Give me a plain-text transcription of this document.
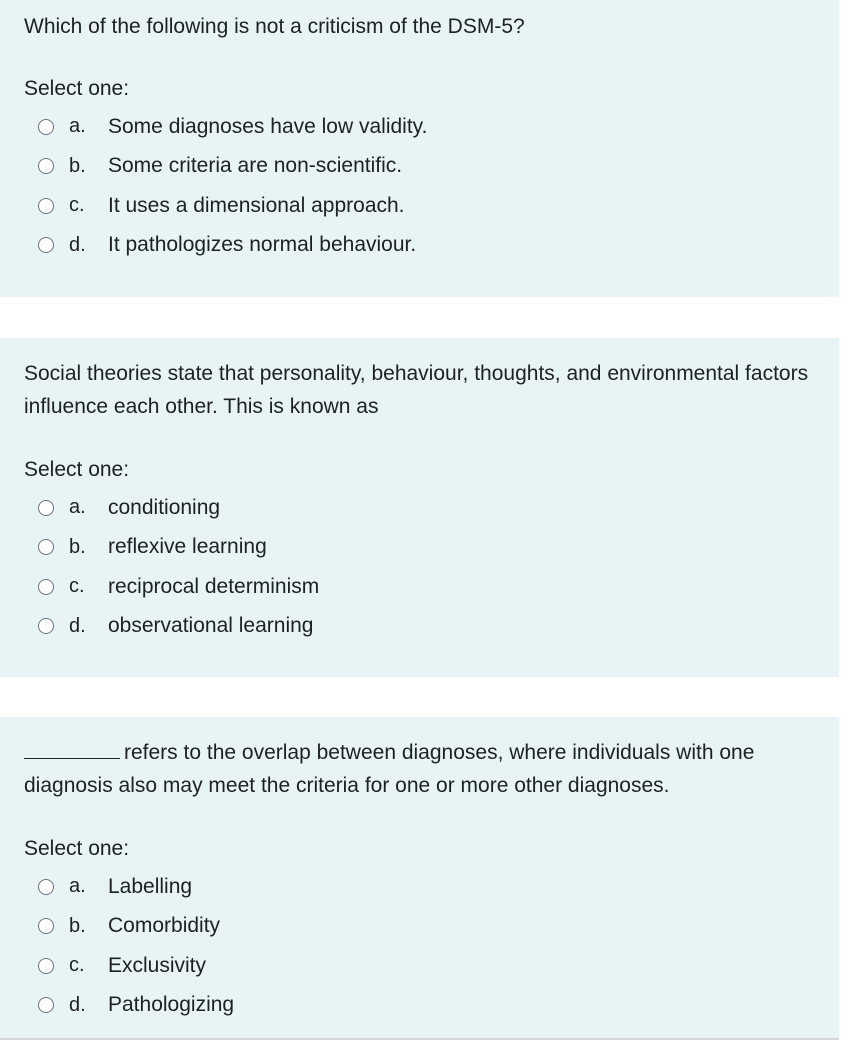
Which of the following is not a criticism of the DSM-5?

Select one:

a.	Some diagnoses have low validity.
b.	Some criteria are non-scientific.
c.	It uses a dimensional approach.
d.	It pathologizes normal behaviour.

Social theories state that personality, behaviour, thoughts, and environmental factors influence each other. This is known as

Select one:

a.	conditioning
b.	reflexive learning
c.	reciprocal determinism
d.	observational learning

refers to the overlap between diagnoses, where individuals with one diagnosis also may meet the criteria for one or more other diagnoses.

Select one:

a.	Labelling
b.	Comorbidity
c.	Exclusivity
d.	Pathologizing
